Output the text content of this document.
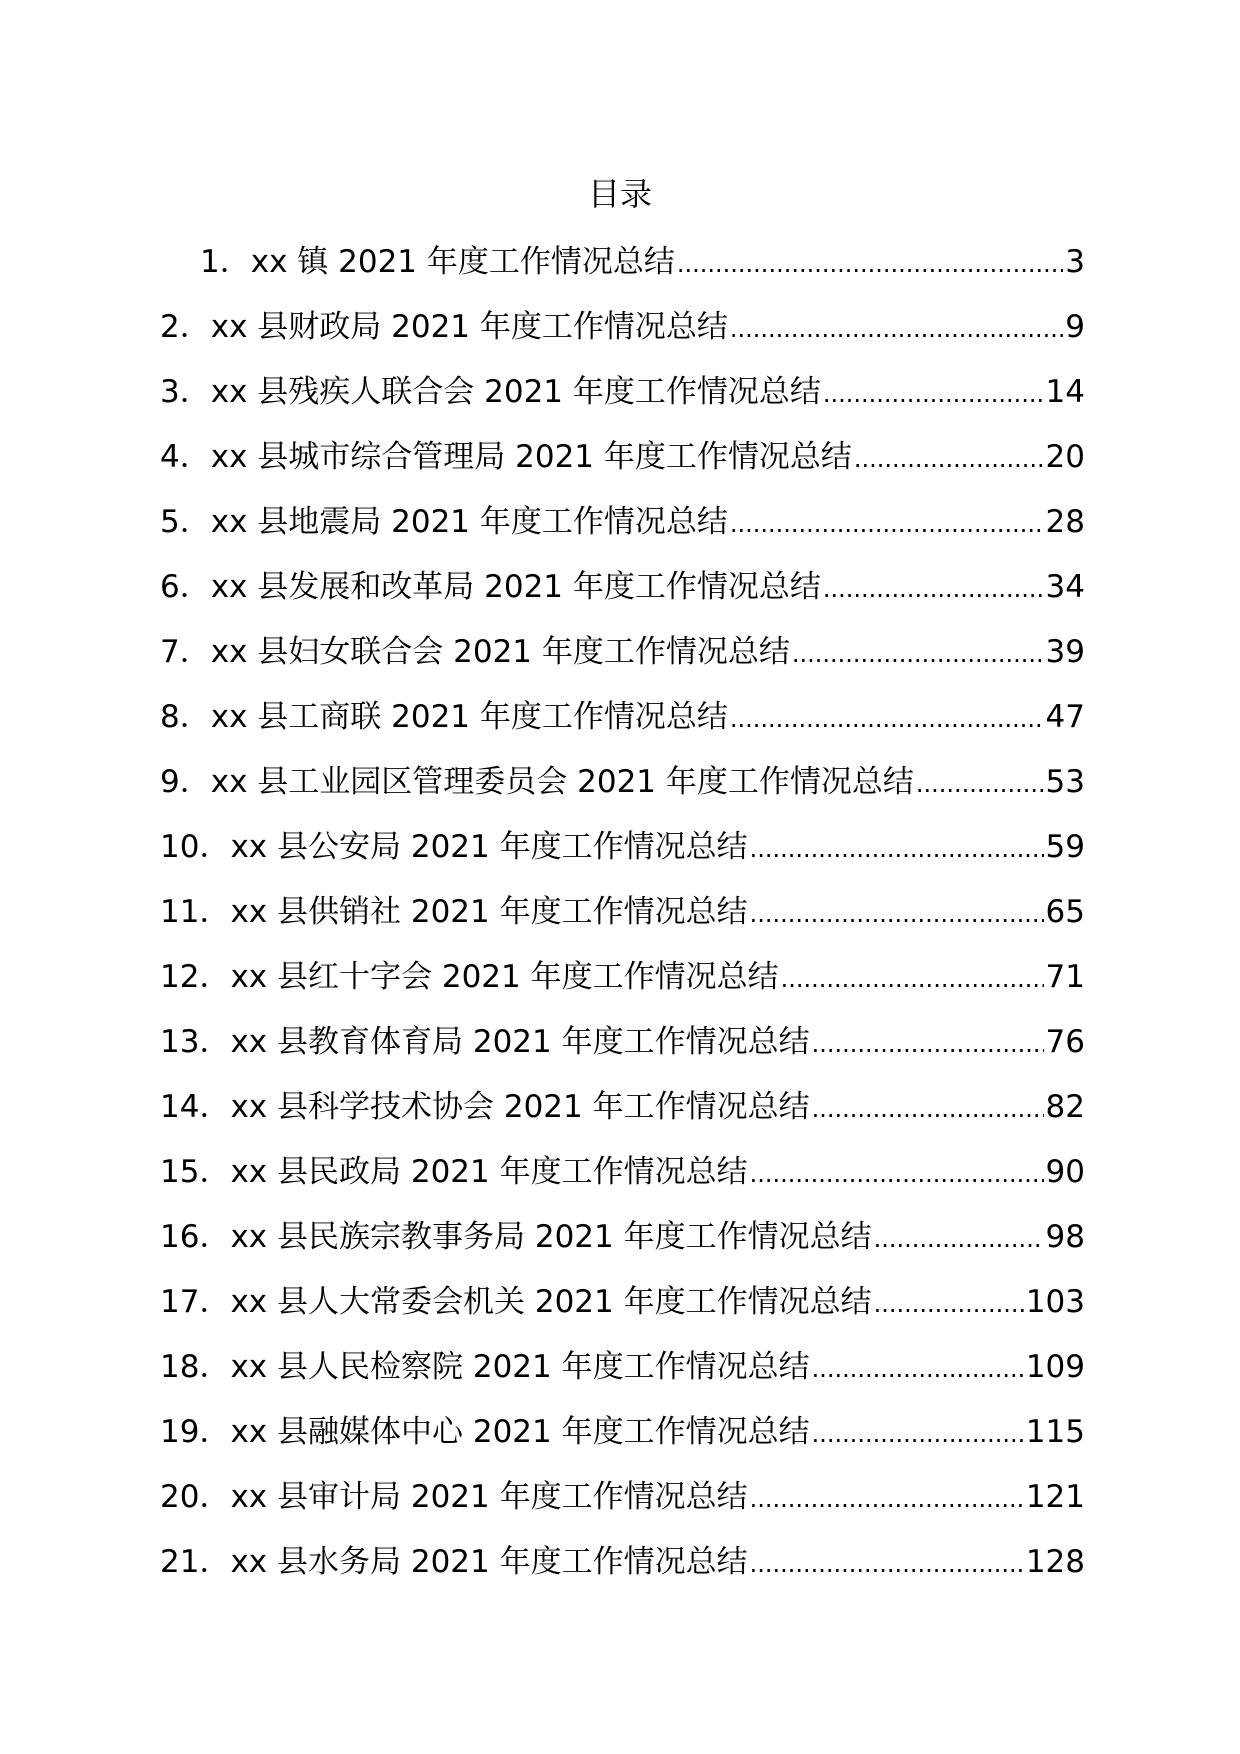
目录
1． xx 镇 2021 年度工作情况总结 .....	3
2． xx 县财政局 2021 年度工作情况总结 .....	9
3． xx 县残疾人联合会 2021 年度工作情况总结 .....	14
4． xx 县城市综合管理局 2021 年度工作情况总结 .....	20
5． xx 县地震局 2021 年度工作情况总结 .....	28
6． xx 县发展和改革局 2021 年度工作情况总结 .....	34
7． xx 县妇女联合会 2021 年度工作情况总结 .....	39
8． xx 县工商联 2021 年度工作情况总结 .....	47
9． xx 县工业园区管理委员会 2021 年度工作情况总结 .....	53
10． xx 县公安局 2021 年度工作情况总结 .....	59
11． xx 县供销社 2021 年度工作情况总结 .....	65
12． xx 县红十字会 2021 年度工作情况总结 .....	71
13． xx 县教育体育局 2021 年度工作情况总结 .....	76
14． xx 县科学技术协会 2021 年工作情况总结 .....	82
15． xx 县民政局 2021 年度工作情况总结 .....	90
16． xx 县民族宗教事务局 2021 年度工作情况总结 .....	98
17． xx 县人大常委会机关 2021 年度工作情况总结 .....	103
18． xx 县人民检察院 2021 年度工作情况总结 .....	109
19． xx 县融媒体中心 2021 年度工作情况总结 .....	115
20． xx 县审计局 2021 年度工作情况总结 .....	121
21． xx 县水务局 2021 年度工作情况总结 .....	128
